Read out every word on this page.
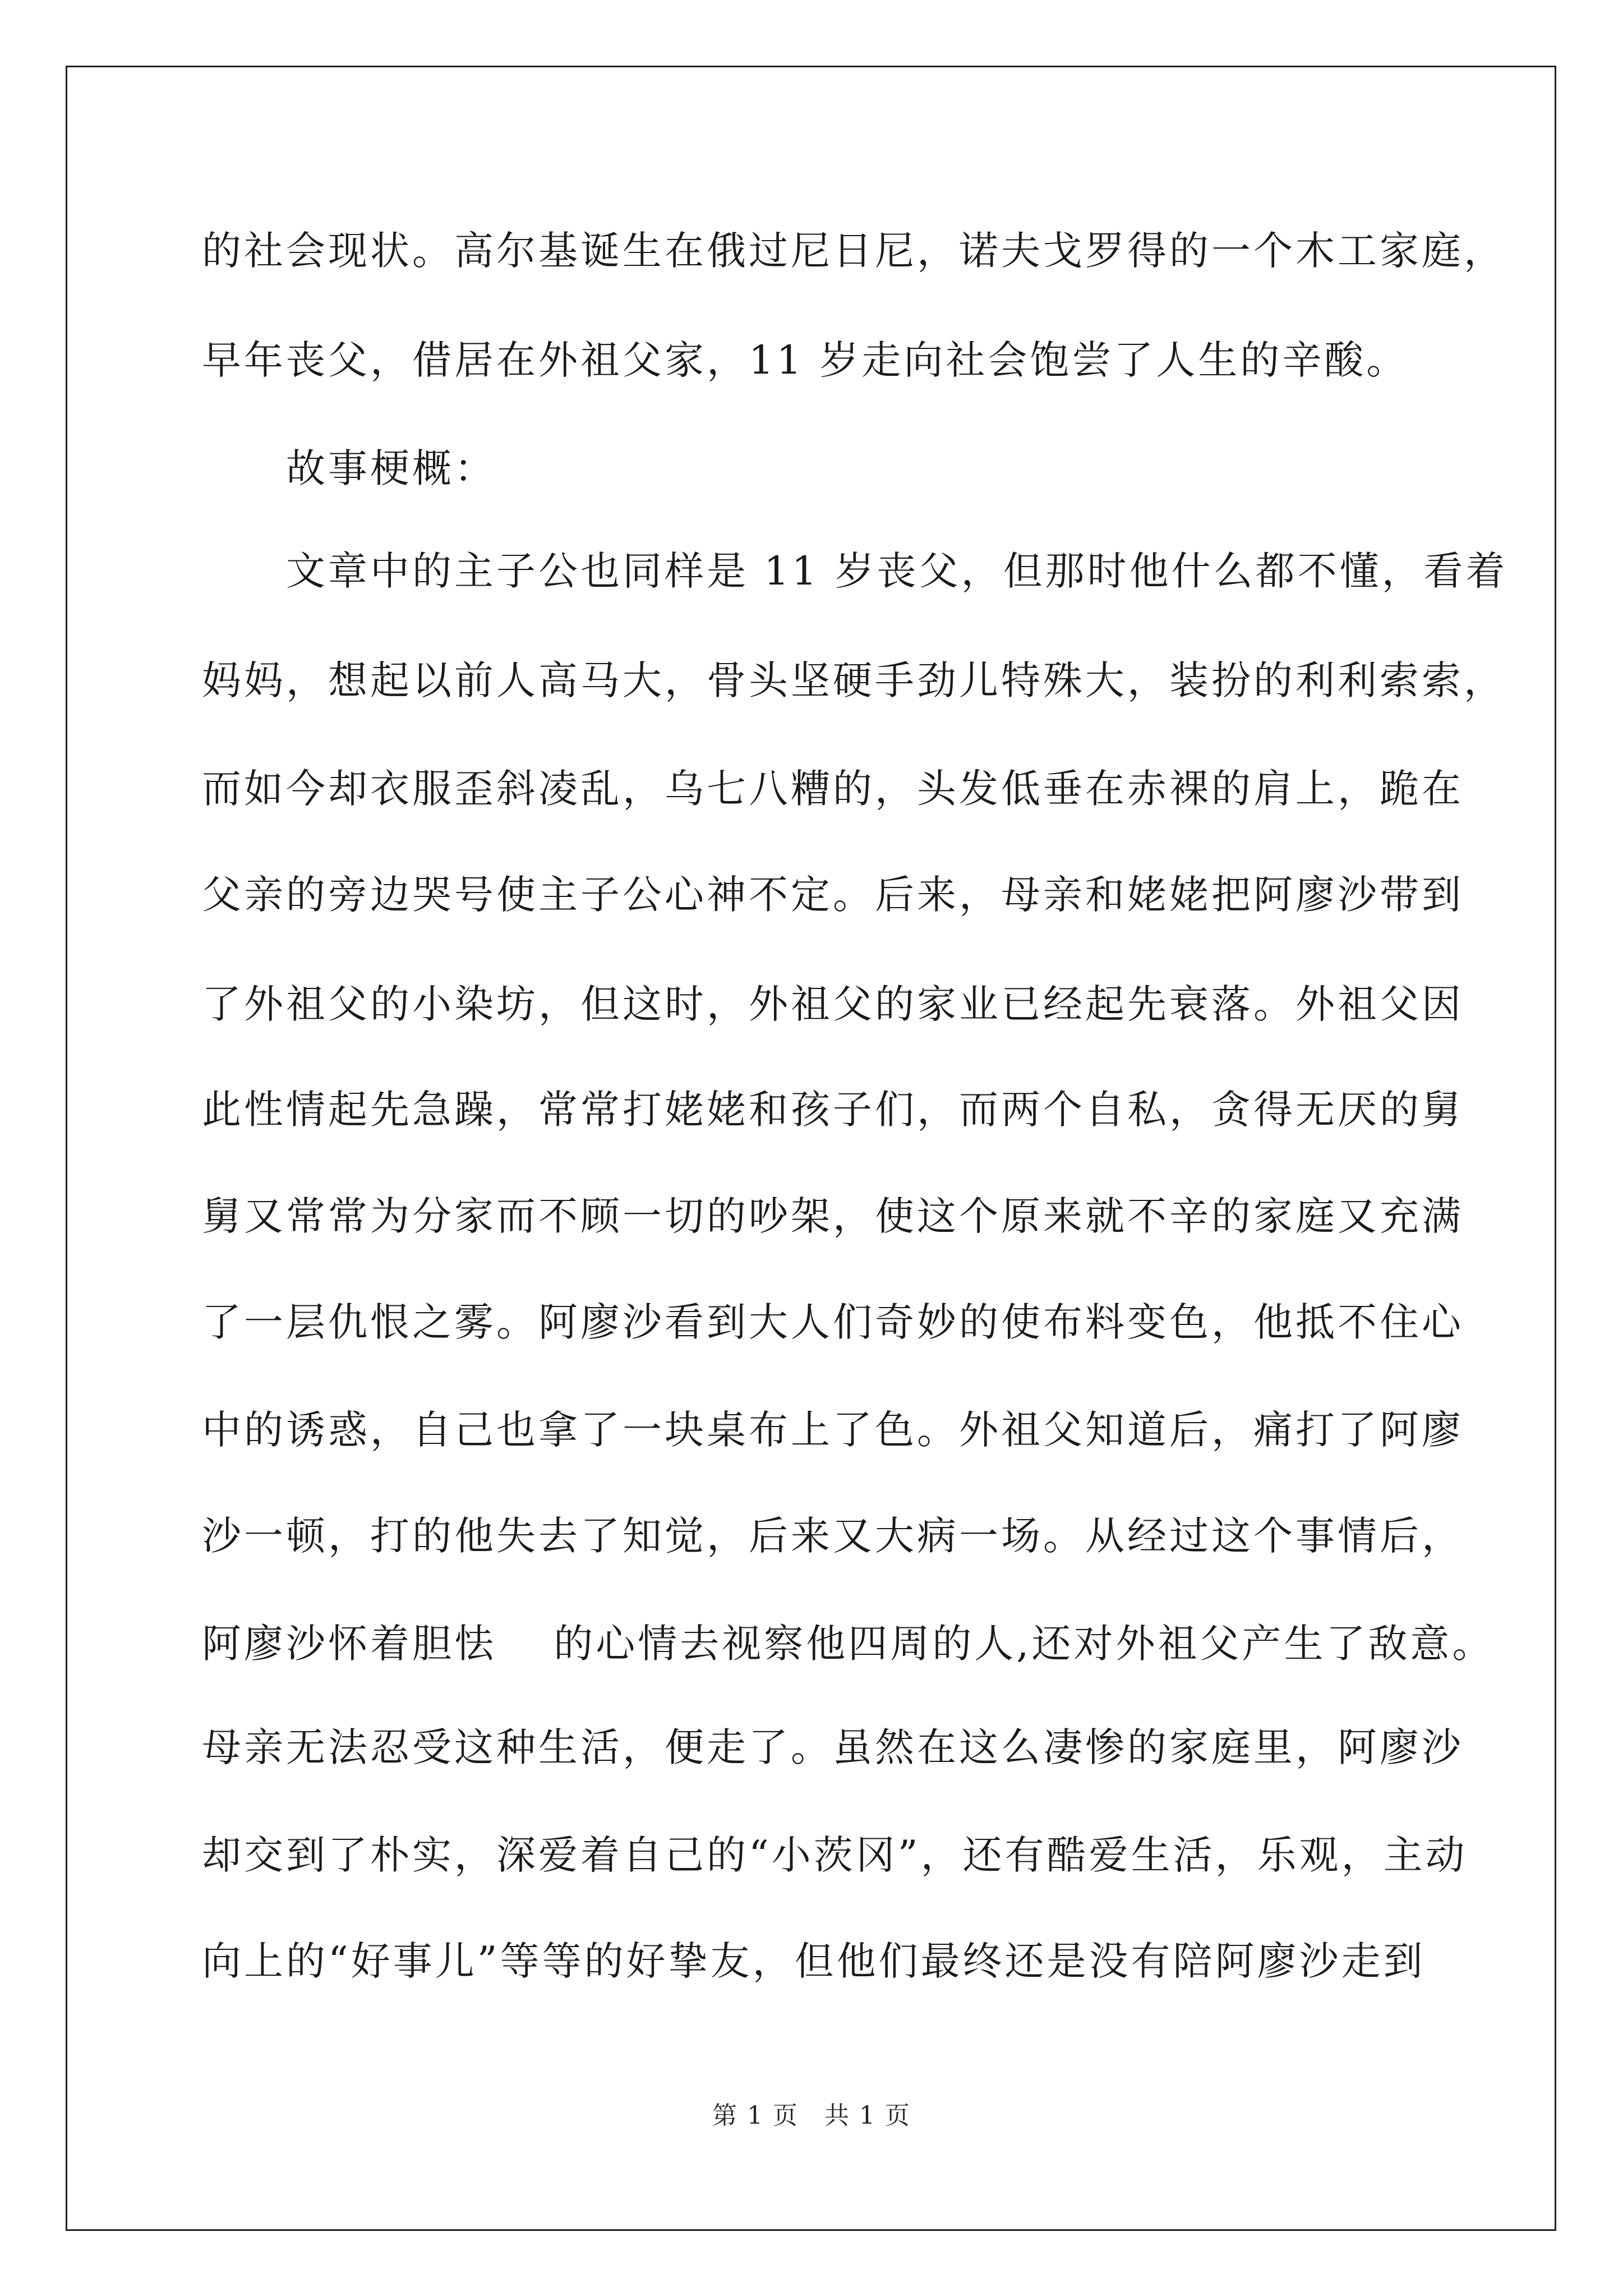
的社会现状。高尔基诞生在俄过尼日尼，诺夫戈罗得的一个木工家庭，
早年丧父，借居在外祖父家，11 岁走向社会饱尝了人生的辛酸。
故事梗概：
文章中的主子公也同样是 11 岁丧父，但那时他什么都不懂，看着
妈妈，想起以前人高马大，骨头坚硬手劲儿特殊大，装扮的利利索索，
而如今却衣服歪斜凌乱，乌七八糟的，头发低垂在赤裸的肩上，跪在
父亲的旁边哭号使主子公心神不定。后来，母亲和姥姥把阿廖沙带到
了外祖父的小染坊，但这时，外祖父的家业已经起先衰落。外祖父因
此性情起先急躁，常常打姥姥和孩子们，而两个自私，贪得无厌的舅
舅又常常为分家而不顾一切的吵架，使这个原来就不辛的家庭又充满
了一层仇恨之雾。阿廖沙看到大人们奇妙的使布料变色，他抵不住心
中的诱惑，自己也拿了一块桌布上了色。外祖父知道后，痛打了阿廖
沙一顿，打的他失去了知觉，后来又大病一场。从经过这个事情后，
阿廖沙怀着胆怯　 的心情去视察他四周的人,还对外祖父产生了敌意。
母亲无法忍受这种生活，便走了。虽然在这么凄惨的家庭里，阿廖沙
却交到了朴实，深爱着自己的“小茨冈”，还有酷爱生活，乐观，主动
向上的“好事儿”等等的好挚友，但他们最终还是没有陪阿廖沙走到
第 1 页　共 1 页
